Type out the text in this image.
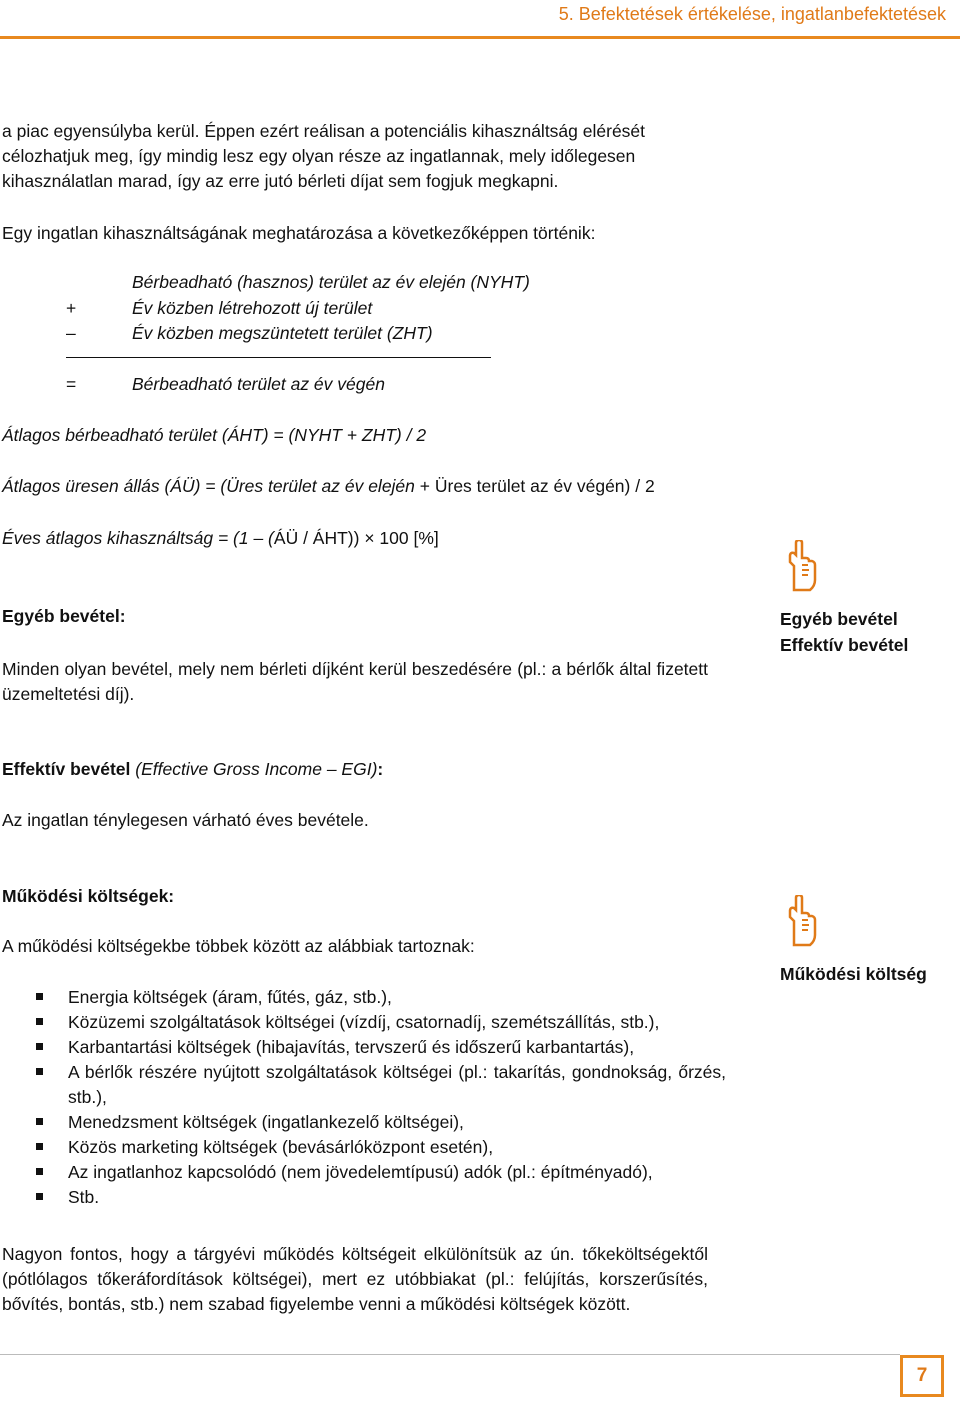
5. Befektetések értékelése, ingatlanbefektetések
a piac egyensúlyba kerül. Éppen ezért reálisan a potenciális kihasználtság elérését
célozhatjuk meg, így mindig lesz egy olyan része az ingatlannak, mely időlegesen
kihasználatlan marad, így az erre jutó bérleti díjat sem fogjuk megkapni.
Egy ingatlan kihasználtságának meghatározása a következőképpen történik:
Bérbeadható (hasznos) terület az év elején (NYHT)
+	Év közben létrehozott új terület
–	Év közben megszüntetett terület (ZHT)
=	Bérbeadható terület az év végén
Átlagos bérbeadható terület (ÁHT) = (NYHT + ZHT) / 2
Átlagos üresen állás (ÁÜ) = (Üres terület az év elején + Üres terület az év végén) / 2
Éves átlagos kihasználtság = (1 – (ÁÜ / ÁHT)) × 100 [%]
Egyéb bevétel:
Minden olyan bevétel, mely nem bérleti díjként kerül beszedésére (pl.: a bérlők által fizetett üzemeltetési díj).
Egyéb bevétel
Effektív bevétel
Effektív bevétel (Effective Gross Income – EGI):
Az ingatlan ténylegesen várható éves bevétele.
Működési költségek:
A működési költségekbe többek között az alábbiak tartoznak:
Működési költség
Energia költségek (áram, fűtés, gáz, stb.),
Közüzemi szolgáltatások költségei (vízdíj, csatornadíj, szemétszállítás, stb.),
Karbantartási költségek (hibajavítás, tervszerű és időszerű karbantartás),
A bérlők részére nyújtott szolgáltatások költségei (pl.: takarítás, gondnokság, őrzés, stb.),
Menedzsment költségek (ingatlankezelő költségei),
Közös marketing költségek (bevásárlóközpont esetén),
Az ingatlanhoz kapcsolódó (nem jövedelemtípusú) adók (pl.: építményadó),
Stb.
Nagyon fontos, hogy a tárgyévi működés költségeit elkülönítsük az ún. tőkeköltségektől (pótlólagos tőkeráfordítások költségei), mert ez utóbbiakat (pl.: felújítás, korszerűsítés, bővítés, bontás, stb.) nem szabad figyelembe venni a működési költségek között.
7
